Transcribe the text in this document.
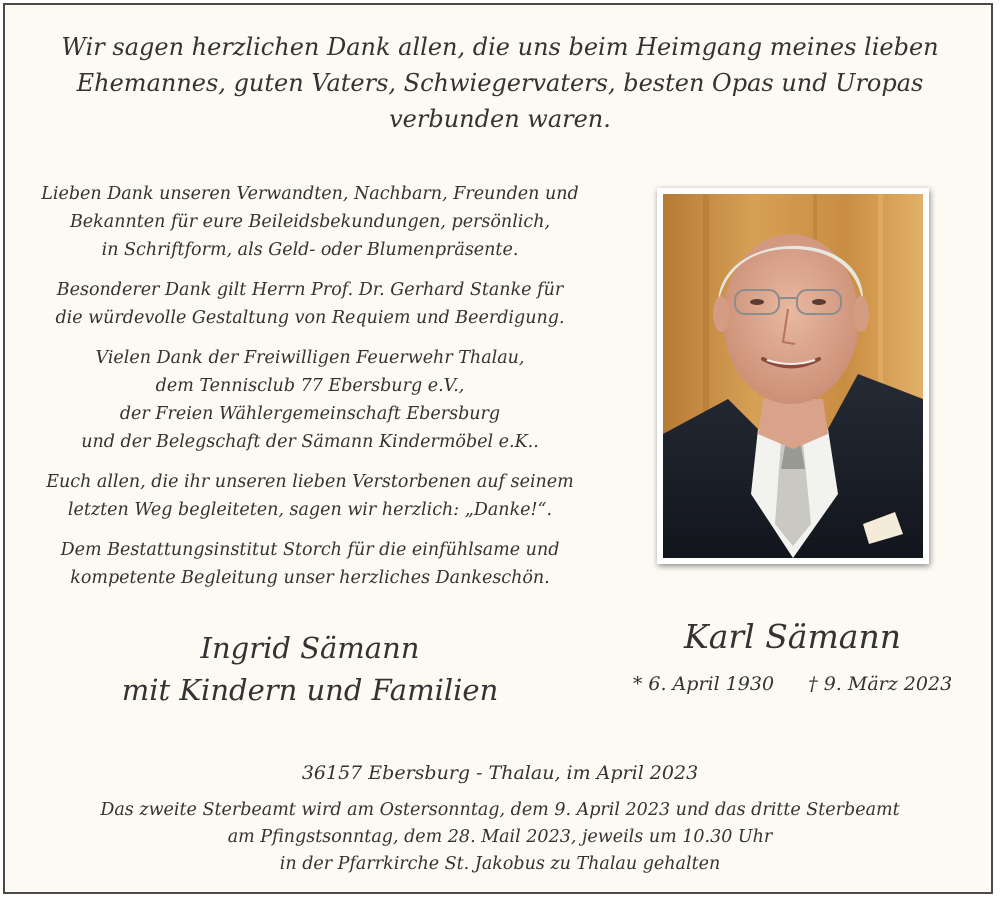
Wir sagen herzlichen Dank allen, die uns beim Heimgang meines lieben
Ehemannes, guten Vaters, Schwiegervaters, besten Opas und Uropas
verbunden waren.

Lieben Dank unseren Verwandten, Nachbarn, Freunden und
Bekannten für eure Beileidsbekundungen, persönlich,
in Schriftform, als Geld- oder Blumenpräsente.

Besonderer Dank gilt Herrn Prof. Dr. Gerhard Stanke für
die würdevolle Gestaltung von Requiem und Beerdigung.

Vielen Dank der Freiwilligen Feuerwehr Thalau,
dem Tennisclub 77 Ebersburg e.V.,
der Freien Wählergemeinschaft Ebersburg
und der Belegschaft der Sämann Kindermöbel e.K..

Euch allen, die ihr unseren lieben Verstorbenen auf seinem
letzten Weg begleiteten, sagen wir herzlich: „Danke!“.

Dem Bestattungsinstitut Storch für die einfühlsame und
kompetente Begleitung unser herzliches Dankeschön.

Ingrid Sämann
mit Kindern und Familien
Karl Sämann
* 6. April 1930 † 9. März 2023
36157 Ebersburg - Thalau, im April 2023
Das zweite Sterbeamt wird am Ostersonntag, dem 9. April 2023 und das dritte Sterbeamt
am Pfingstsonntag, dem 28. Mail 2023, jeweils um 10.30 Uhr
in der Pfarrkirche St. Jakobus zu Thalau gehalten
